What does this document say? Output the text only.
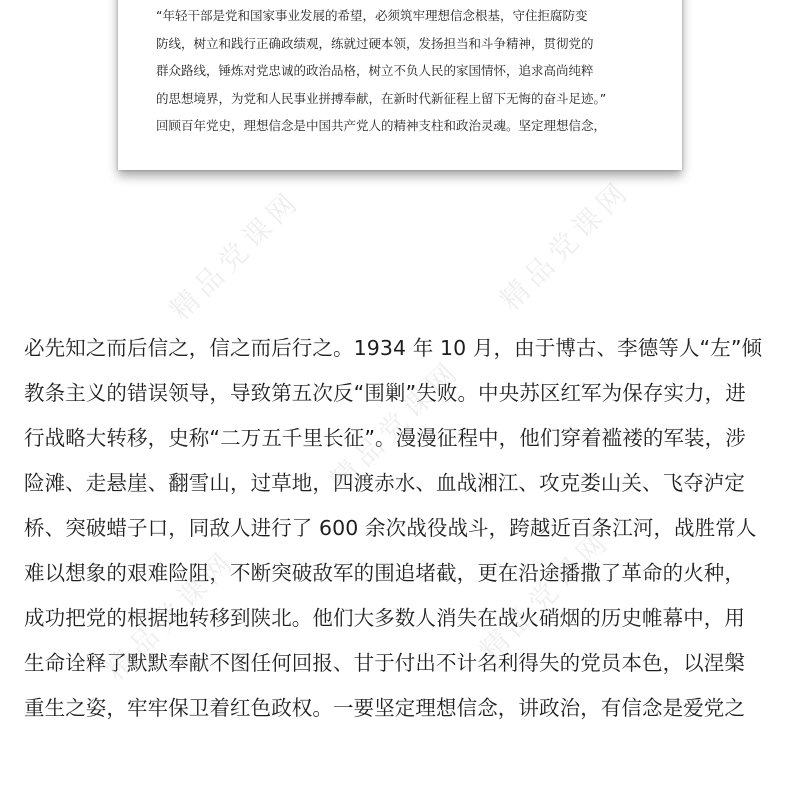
“年轻干部是党和国家事业发展的希望，必须筑牢理想信念根基，守住拒腐防变
防线，树立和践行正确政绩观，练就过硬本领，发扬担当和斗争精神，贯彻党的
群众路线，锤炼对党忠诚的政治品格，树立不负人民的家国情怀，追求高尚纯粹
的思想境界，为党和人民事业拼搏奉献，在新时代新征程上留下无悔的奋斗足迹。”
回顾百年党史，理想信念是中国共产党人的精神支柱和政治灵魂。坚定理想信念，
必先知之而后信之，信之而后行之。1934 年 10 月，由于博古、李德等人“左”倾
教条主义的错误领导，导致第五次反“围剿”失败。中央苏区红军为保存实力，进
行战略大转移，史称“二万五千里长征”。漫漫征程中，他们穿着褴褛的军装，涉
险滩、走悬崖、翻雪山，过草地，四渡赤水、血战湘江、攻克娄山关、飞夺泸定
桥、突破蜡子口，同敌人进行了 600 余次战役战斗，跨越近百条江河，战胜常人
难以想象的艰难险阻，不断突破敌军的围追堵截，更在沿途播撒了革命的火种，
成功把党的根据地转移到陕北。他们大多数人消失在战火硝烟的历史帷幕中，用
生命诠释了默默奉献不图任何回报、甘于付出不计名利得失的党员本色，以涅槃
重生之姿，牢牢保卫着红色政权。一要坚定理想信念，讲政治，有信念是爱党之
精品党课网	精品党课网
精品党课网
精品党课网	精品党课网
